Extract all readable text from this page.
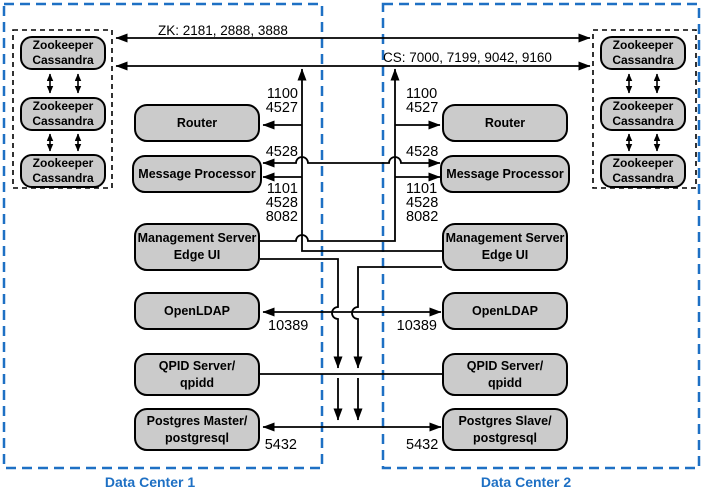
Zookeeper
Cassandra
Zookeeper
Cassandra
Zookeeper
Cassandra
Zookeeper
Cassandra
Zookeeper
Cassandra
Zookeeper
Cassandra
Router
Message Processor
Management Server
Edge UI
OpenLDAP
QPID Server/
qpidd
Postgres Master/
postgresql
Router
Message Processor
Management Server
Edge UI
OpenLDAP
QPID Server/
qpidd
Postgres Slave/
postgresql
ZK: 2181, 2888, 3888
CS: 7000, 7199, 9042, 9160
1100
4527
1100
4527
4528	4528
1101
4528
8082
1101
4528
8082
10389	10389
5432	5432
Data Center 1	Data Center 2
